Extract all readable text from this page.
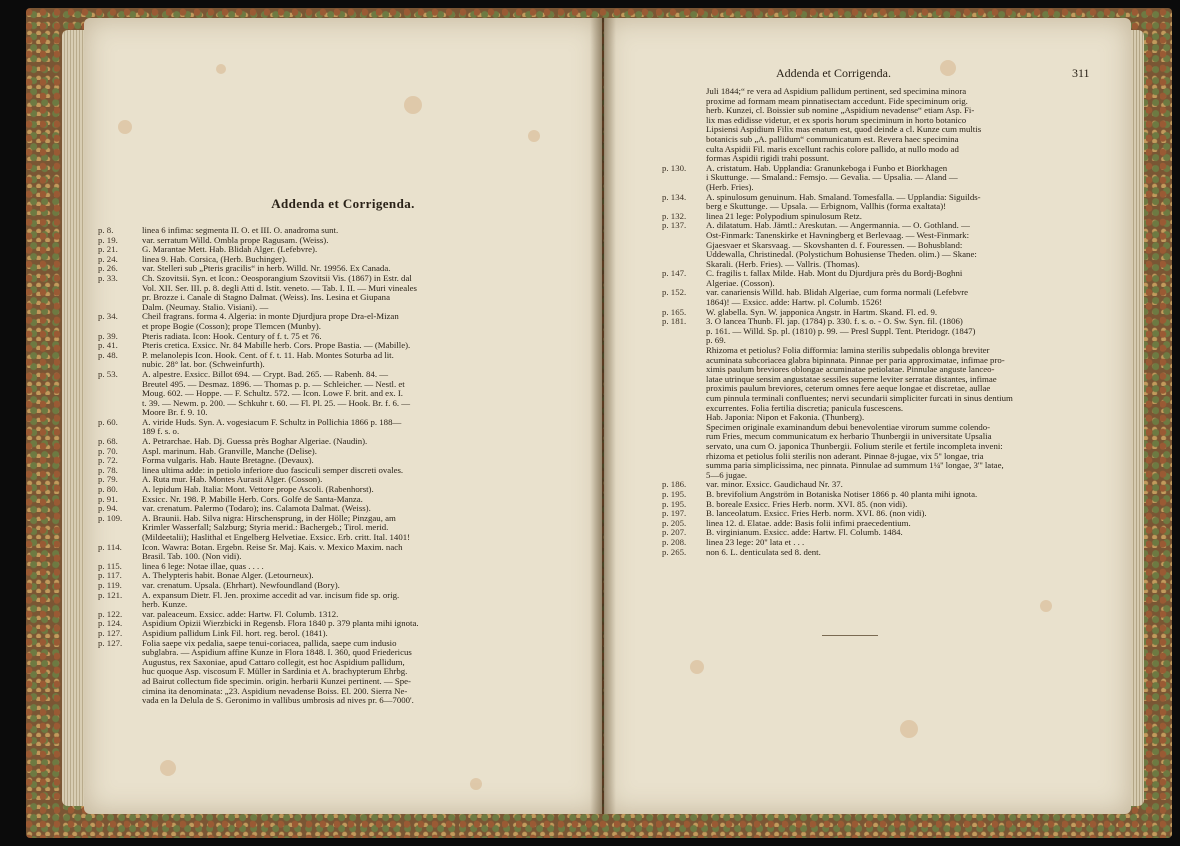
Addenda et Corrigenda.
p. 8.	linea 6 infima: segmenta II. O. et III. O. anadroma sunt.
p. 19.	var. serratum Willd. Ombla prope Ragusam. (Weiss).
p. 21.	G. Marantae Mett. Hab. Blidah Alger. (Lefebvre).
p. 24.	linea 9. Hab. Corsica, (Herb. Buchinger).
p. 26.	var. Stelleri sub „Pteris gracilis“ in herb. Willd. Nr. 19956. Ex Canada.
p. 33.	Ch. Szovitsii. Syn. et Icon.: Oeosporangium Szovitsii Vis. (1867) in Estr. dal
Vol. XII. Ser. III. p. 8. degli Atti d. Istit. veneto. — Tab. I. II. — Muri vineales
pr. Brozze i. Canale di Stagno Dalmat. (Weiss). Ins. Lesina et Giupana
Dalm. (Neumay. Stalio. Visiani). —
p. 34.	Cheil fragrans. forma 4. Algeria: in monte Djurdjura prope Dra-el-Mizan
et prope Bogie (Cosson); prope Tlemcen (Munby).
p. 39.	Pteris radiata. Icon: Hook. Century of f. t. 75 et 76.
p. 41.	Pteris cretica. Exsicc. Nr. 84 Mabille herb. Cors. Prope Bastia. — (Mabille).
p. 48.	P. melanolepis Icon. Hook. Cent. of f. t. 11. Hab. Montes Soturba ad lit.
nubic. 28° lat. bor. (Schweinfurth).
p. 53.	A. alpestre. Exsicc. Billot 694. — Crypt. Bad. 265. — Rabenh. 84. —
Breutel 495. — Desmaz. 1896. — Thomas p. p. — Schleicher. — Nestl. et
Moug. 602. — Hoppe. — F. Schultz. 572. — Icon. Lowe F. brit. and ex. I.
t. 39. — Newm. p. 200. — Schkuhr t. 60. — Fl. Pl. 25. — Hook. Br. f. 6. —
Moore Br. f. 9. 10.
p. 60.	A. viride Huds. Syn. A. vogesiacum F. Schultz in Pollichia 1866 p. 188—
189 f. s. o.
p. 68.	A. Petrarchae. Hab. Dj. Guessa près Boghar Algeriae. (Naudin).
p. 70.	Aspl. marinum. Hab. Granville, Manche (Delise).
p. 72.	Forma vulgaris. Hab. Haute Bretagne. (Devaux).
p. 78.	linea ultima adde: in petiolo inferiore duo fasciculi semper discreti ovales.
p. 79.	A. Ruta mur. Hab. Montes Aurasii Alger. (Cosson).
p. 80.	A. lepidum Hab. Italia: Mont. Vettore prope Ascoli. (Rabenhorst).
p. 91.	Exsicc. Nr. 198. P. Mabille Herb. Cors. Golfe de Santa-Manza.
p. 94.	var. crenatum. Palermo (Todaro); ins. Calamota Dalmat. (Weiss).
p. 109.	A. Braunii. Hab. Silva nigra: Hirschensprung, in der Hölle; Pinzgau, am
Krimler Wasserfall; Salzburg; Styria merid.: Bachergeb.; Tirol. merid.
(Mildeetalii); Haslithal et Engelberg Helvetiae. Exsicc. Erb. critt. Ital. 1401!
p. 114.	Icon. Wawra: Botan. Ergebn. Reise Sr. Maj. Kais. v. Mexico Maxim. nach
Brasil. Tab. 100. (Non vidi).
p. 115.	linea 6 lege: Notae illae, quas . . . .
p. 117.	A. Thelypteris habit. Bonae Alger. (Letourneux).
p. 119.	var. crenatum. Upsala. (Ehrhart). Newfoundland (Bory).
p. 121.	A. expansum Dietr. Fl. Jen. proxime accedit ad var. incisum fide sp. orig.
herb. Kunze.
p. 122.	var. paleaceum. Exsicc. adde: Hartw. Fl. Columb. 1312.
p. 124.	Aspidium Opizii Wierzbicki in Regensb. Flora 1840 p. 379 planta mihi ignota.
p. 127.	Aspidium pallidum Link Fil. hort. reg. berol. (1841).
p. 127.	Folia saepe vix pedalia, saepe tenui-coriacea, pallida, saepe cum indusio
subglabra. — Aspidium affine Kunze in Flora 1848. I. 360, quod Friedericus
Augustus, rex Saxoniae, apud Cattaro collegit, est hoc Aspidium pallidum,
huc quoque Asp. viscosum F. Müller in Sardinia et A. brachypterum Ehrbg.
ad Bairut collectum fide specimin. origin. herbarii Kunzei pertinent. — Spe-
cimina ita denominata: „23. Aspidium nevadense Boiss. El. 200. Sierra Ne-
vada en la Delula de S. Geronimo in vallibus umbrosis ad nives pr. 6—7000'.
Addenda et Corrigenda.	311
Juli 1844;“ re vera ad Aspidium pallidum pertinent, sed specimina minora
proxime ad formam meam pinnatisectam accedunt. Fide speciminum orig.
herb. Kunzei, cl. Boissier sub nomine „Aspidium nevadense“ etiam Asp. Fi-
lix mas edidisse videtur, et ex sporis horum speciminum in horto botanico
Lipsiensi Aspidium Filix mas enatum est, quod deinde a cl. Kunze cum multis
botanicis sub „A. pallidum“ communicatum est. Revera haec specimina
culta Aspidii Fil. maris excellunt rachis colore pallido, at nullo modo ad
formas Aspidii rigidi trahi possunt.
p. 130.	A. cristatum. Hab. Upplandia: Granunkeboga i Funbo et Biorkhagen
i Skuttunge. — Smaland.: Femsjo. — Gevalia. — Upsalia. — Aland —
(Herb. Fries).
p. 134.	A. spinulosum genuinum. Hab. Smaland. Tomesfalla. — Upplandia: Siguilds-
berg e Skuttunge. — Upsala. — Erbignom, Vallhis (forma exaltata)!
p. 132.	linea 21 lege: Polypodium spinulosum Retz.
p. 137.	A. dilatatum. Hab. Jämtl.: Areskutan. — Angermannia. — O. Gothland. —
Ost-Finmark: Tanenskirke et Havningberg et Berlevaag. — West-Finmark:
Gjaesvaer et Skarsvaag. — Skovshanten d. f. Fouressen. — Bohusbland:
Uddewalla, Christinedal. (Polystichum Bohusiense Theden. olim.) — Skane:
Skarali. (Herb. Fries). — Vallris. (Thomas).
p. 147.	C. fragilis t. fallax Milde. Hab. Mont du Djurdjura près du Bordj-Boghni
Algeriae. (Cosson).
p. 152.	var. canariensis Willd. hab. Blidah Algeriae, cum forma normali (Lefebvre
1864)! — Exsicc. adde: Hartw. pl. Columb. 1526!
p. 165.	W. glabella. Syn. W. japponica Angstr. in Hartm. Skand. Fl. ed. 9.
p. 181.	3. O lancea Thunb. Fl. jap. (1784) p. 330. f. s. o. - O. Sw. Syn. fil. (1806)
p. 161. — Willd. Sp. pl. (1810) p. 99. — Presl Suppl. Tent. Pteridogr. (1847)
p. 69.
Rhizoma et petiolus? Folia difformia: lamina sterilis subpedalis oblonga breviter
acuminata subcoriacea glabra bipinnata. Pinnae per paria approximatae, infimae pro-
ximis paulum breviores oblongae acuminatae petiolatae. Pinnulae anguste lanceo-
latae utrinque sensim angustatae sessiles superne leviter serratae distantes, infimae
proximis paulum breviores, ceterum omnes fere aeque longae et discretae, aullae
cum pinnula terminali confluentes; nervi secundarii simpliciter furcati in sinus dentium
excurrentes. Folia fertilia discretia; panicula fuscescens.
Hab. Japonia: Nipon et Fakonia. (Thunberg).
Specimen originale examinandum debui benevolentiae virorum summe colendo-
rum Fries, mecum communicatum ex herbario Thunbergii in universitate Upsalia
servato, una cum O. japonica Thunbergii. Folium sterile et fertile incompleta inveni:
rhizoma et petiolus folii sterilis non aderant. Pinnae 8-jugae, vix 5'' longae, tria
summa paria simplicissima, nec pinnata. Pinnulae ad summum 1¼'' longae, 3''' latae,
5—6 jugae.
p. 186.	var. minor. Exsicc. Gaudichaud Nr. 37.
p. 195.	B. brevifolium Angström in Botaniska Notiser 1866 p. 40 planta mihi ignota.
p. 195.	B. boreale Exsicc. Fries Herb. norm. XVI. 85. (non vidi).
p. 197.	B. lanceolatum. Exsicc. Fries Herb. norm. XVI. 86. (non vidi).
p. 205.	linea 12. d. Elatae. adde: Basis folii infimi praecedentium.
p. 207.	B. virginianum. Exsicc. adde: Hartw. Fl. Columb. 1484.
p. 208.	linea 23 lege: 20'' lata et . . .
p. 265.	non 6. L. denticulata sed 8. dent.
